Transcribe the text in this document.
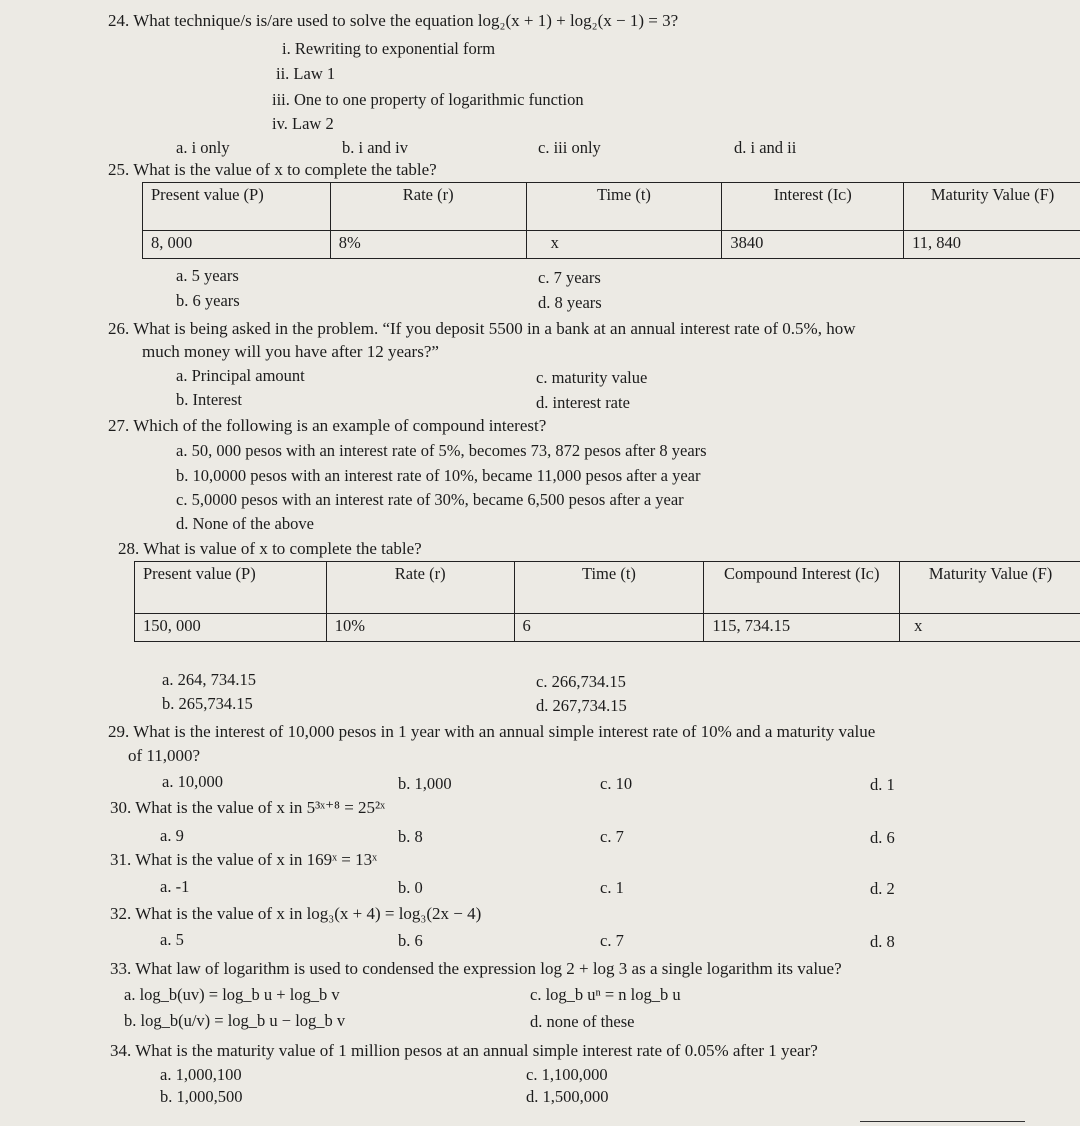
24. What technique/s is/are used to solve the equation log₂(x + 1) + log₂(x − 1) = 3?
i. Rewriting to exponential form
ii. Law 1
iii. One to one property of logarithmic function
iv. Law 2
a. i only	b. i and iv	c. iii only	d. i and ii
25. What is the value of x to complete the table?
Present value (P)	Rate (r)	Time (t)	Interest (Iᴄ)	Maturity Value (F)
8, 000	8%	x	3840	11, 840
a. 5 years
b. 6 years
c. 7 years
d. 8 years
26. What is being asked in the problem. “If you deposit 5500 in a bank at an annual interest rate of 0.5%, how
much money will you have after 12 years?”
a. Principal amount
b. Interest
c. maturity value
d. interest rate
27. Which of the following is an example of compound interest?
a. 50, 000 pesos with an interest rate of 5%, becomes 73, 872 pesos after 8 years
b. 10,0000 pesos with an interest rate of 10%, became 11,000 pesos after a year
c. 5,0000 pesos with an interest rate of 30%, became 6,500 pesos after a year
d. None of the above
28. What is value of x to complete the table?
Present value (P)	Rate (r)	Time (t)	Compound Interest (Iᴄ)	Maturity Value (F)
150, 000	10%	6	115, 734.15	x
a. 264, 734.15
b. 265,734.15
c. 266,734.15
d. 267,734.15
29. What is the interest of 10,000 pesos in 1 year with an annual simple interest rate of 10% and a maturity value
of 11,000?
a. 10,000	b. 1,000	c. 10	d. 1
30. What is the value of x in 5³ˣ⁺⁸ = 25²ˣ
a. 9	b. 8	c. 7	d. 6
31. What is the value of x in 169ˣ = 13ˣ
a. -1	b. 0	c. 1	d. 2
32. What is the value of x in log₃(x + 4) = log₃(2x − 4)
a. 5	b. 6	c. 7	d. 8
33. What law of logarithm is used to condensed the expression log 2 + log 3 as a single logarithm its value?
a. log_b(uv) = log_b u + log_b v
b. log_b(u/v) = log_b u − log_b v
c. log_b uⁿ = n log_b u
d. none of these
34. What is the maturity value of 1 million pesos at an annual simple interest rate of 0.05% after 1 year?
a. 1,000,100
b. 1,000,500
c. 1,100,000
d. 1,500,000
